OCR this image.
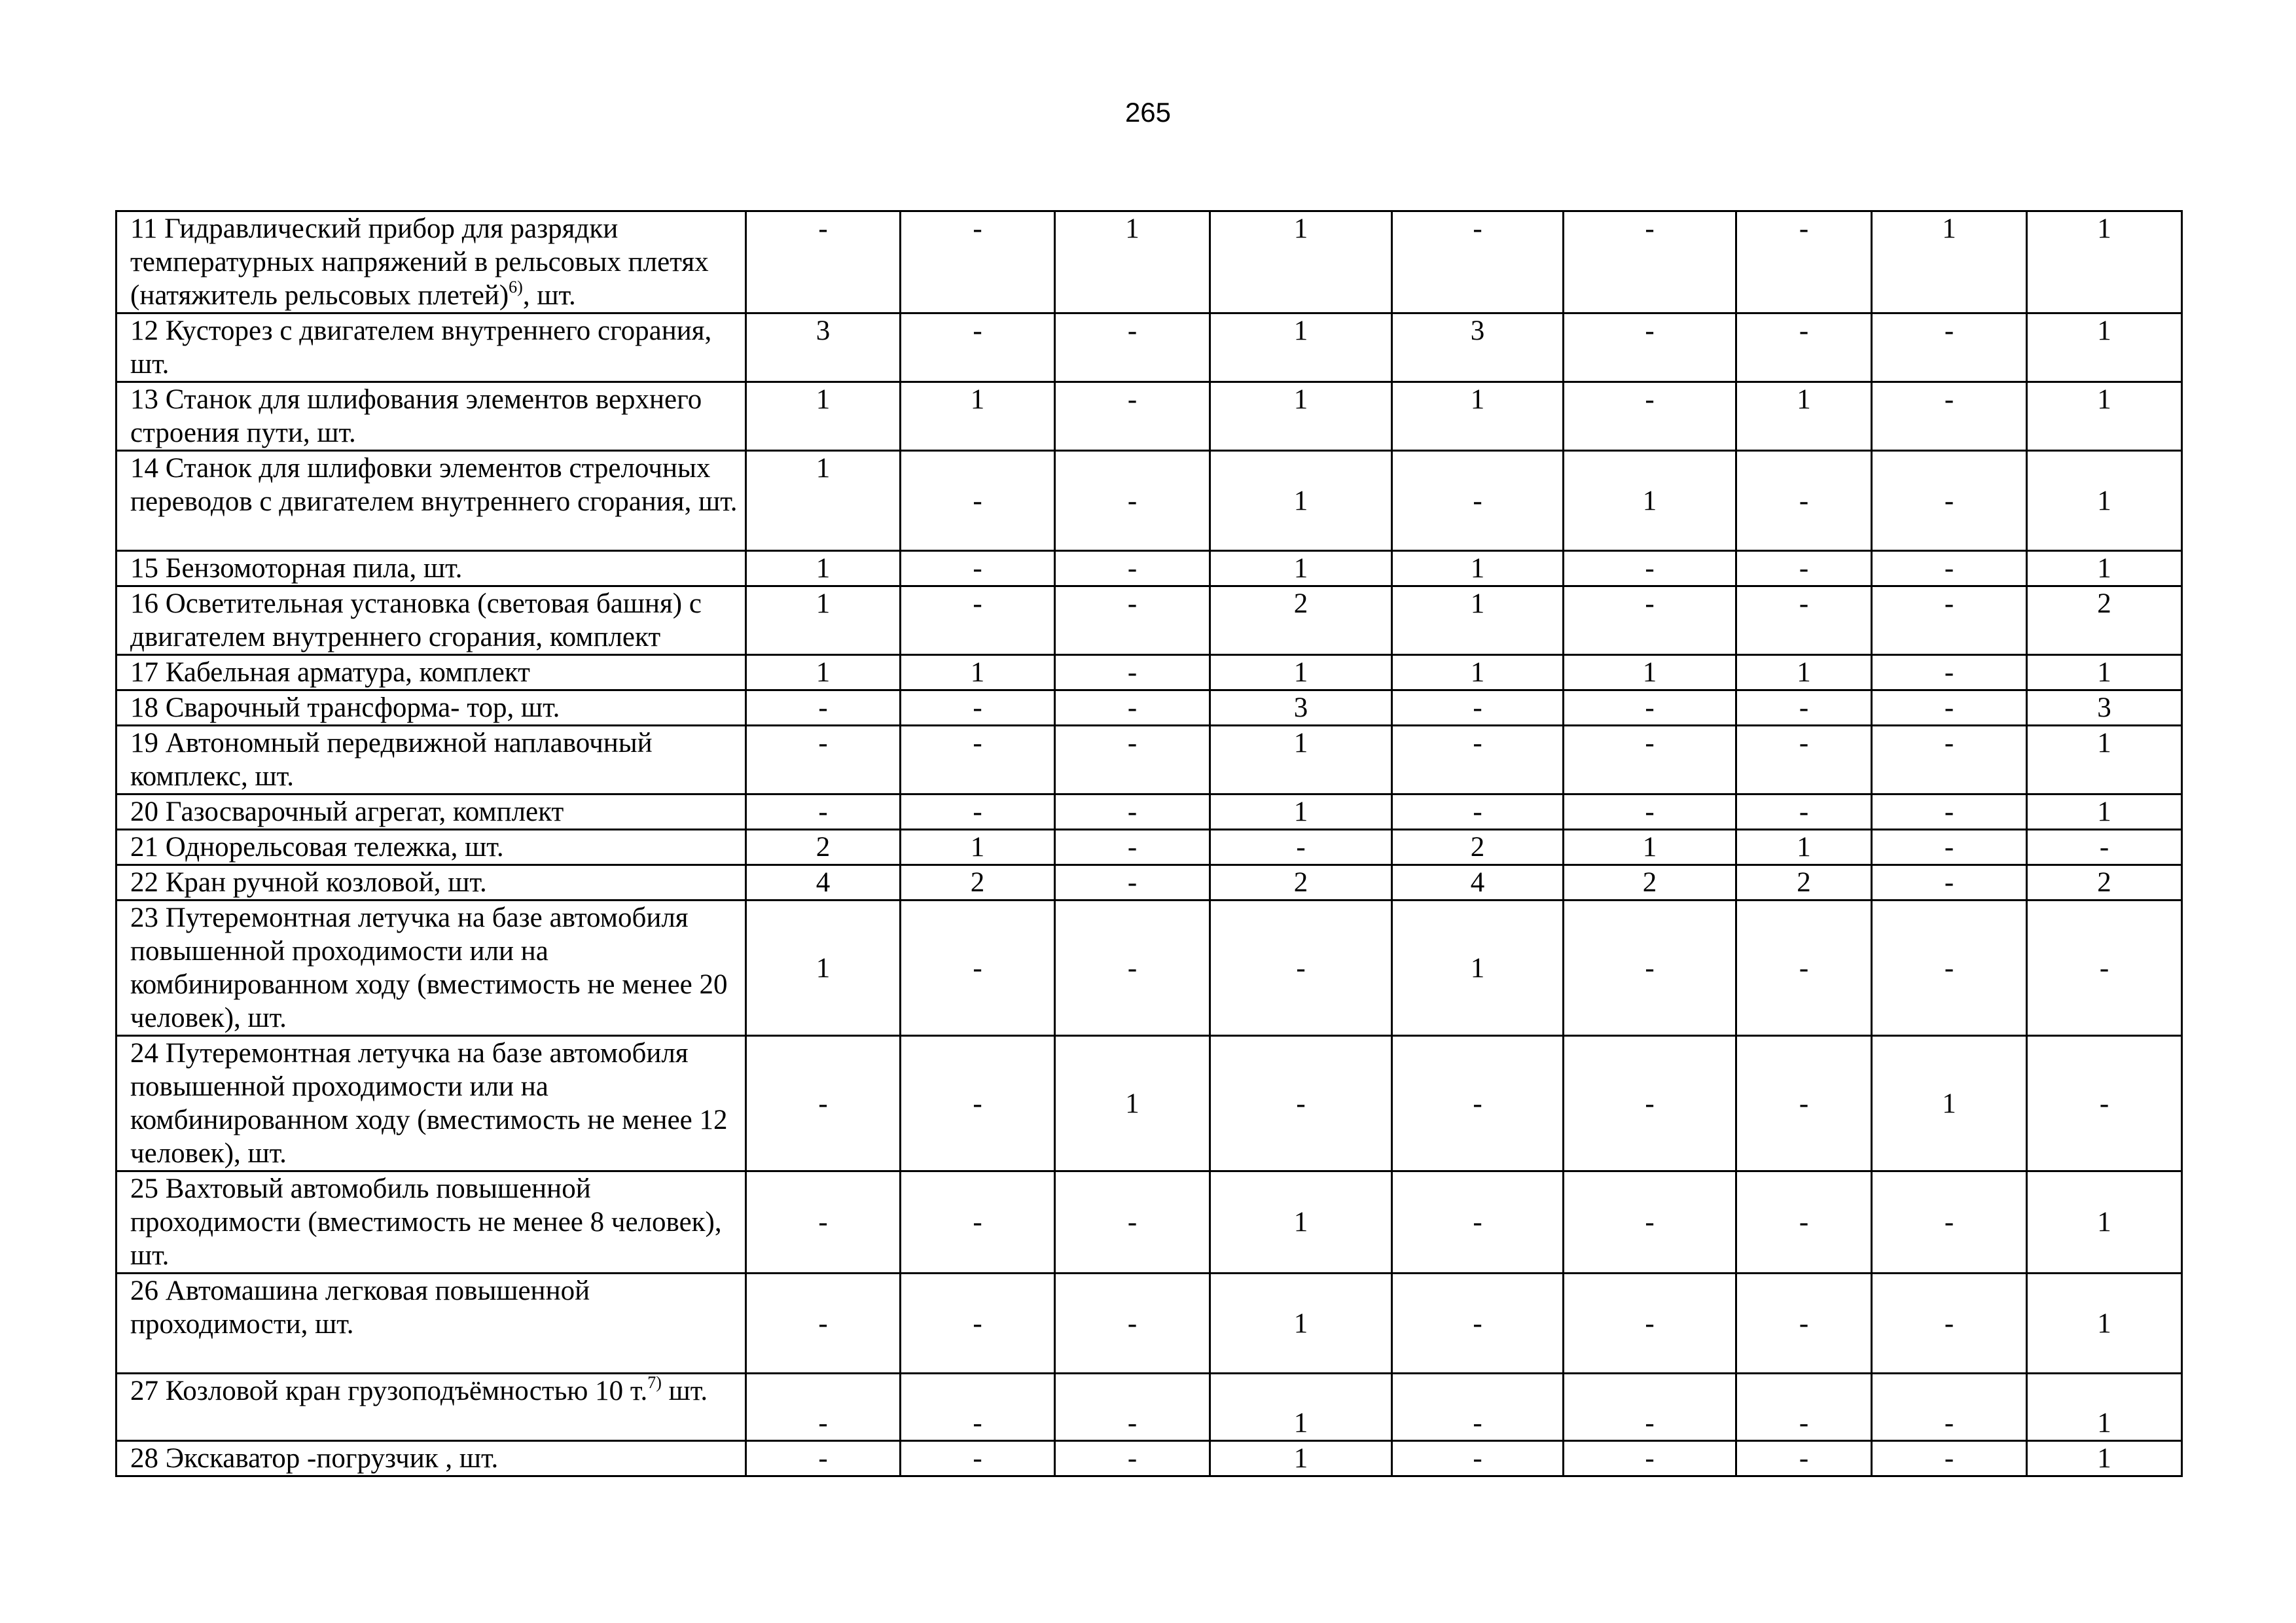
265
11 Гидравлический прибор для разрядки температурных напряжений в рельсовых плетях (натяжитель рельсовых плетей)$^{6)}$, шт.	-	-	1	1	-	-	-	1	1
12 Кусторез с двигателем внутреннего сгорания, шт.	3	-	-	1	3	-	-	-	1
13 Станок для шлифования элементов верхнего строения пути, шт.	1	1	-	1	1	-	1	-	1
14 Станок для шлифовки элементов стрелочных переводов с двигателем внутреннего сгорания, шт.	1	-	-	1	-	1	-	-	1
15 Бензомоторная пила, шт.	1	-	-	1	1	-	-	-	1
16 Осветительная установка (световая башня) с двигателем внутреннего сгорания, комплект	1	-	-	2	1	-	-	-	2
17 Кабельная арматура, комплект	1	1	-	1	1	1	1	-	1
18 Сварочный трансформа- тор, шт.	-	-	-	3	-	-	-	-	3
19 Автономный передвижной наплавочный комплекс, шт.	-	-	-	1	-	-	-	-	1
20 Газосварочный агрегат, комплект	-	-	-	1	-	-	-	-	1
21 Однорельсовая тележка, шт.	2	1	-	-	2	1	1	-	-
22 Кран ручной козловой, шт.	4	2	-	2	4	2	2	-	2
23 Путеремонтная летучка на базе автомобиля повышенной проходимости или на комбинированном ходу (вместимость не менее 20 человек), шт.	1	-	-	-	1	-	-	-	-
24 Путеремонтная летучка на базе автомобиля повышенной проходимости или на комбинированном ходу (вместимость не менее 12 человек), шт.	-	-	1	-	-	-	-	1	-
25 Вахтовый автомобиль повышенной проходимости (вместимость не менее 8 человек), шт.	-	-	-	1	-	-	-	-	1
26 Автомашина легковая повышенной проходимости, шт.	-	-	-	1	-	-	-	-	1
27 Козловой кран грузоподъёмностью 10 т.$^{7)}$ шт.	-	-	-	1	-	-	-	-	1
28 Экскаватор -погрузчик , шт.	-	-	-	1	-	-	-	-	1
